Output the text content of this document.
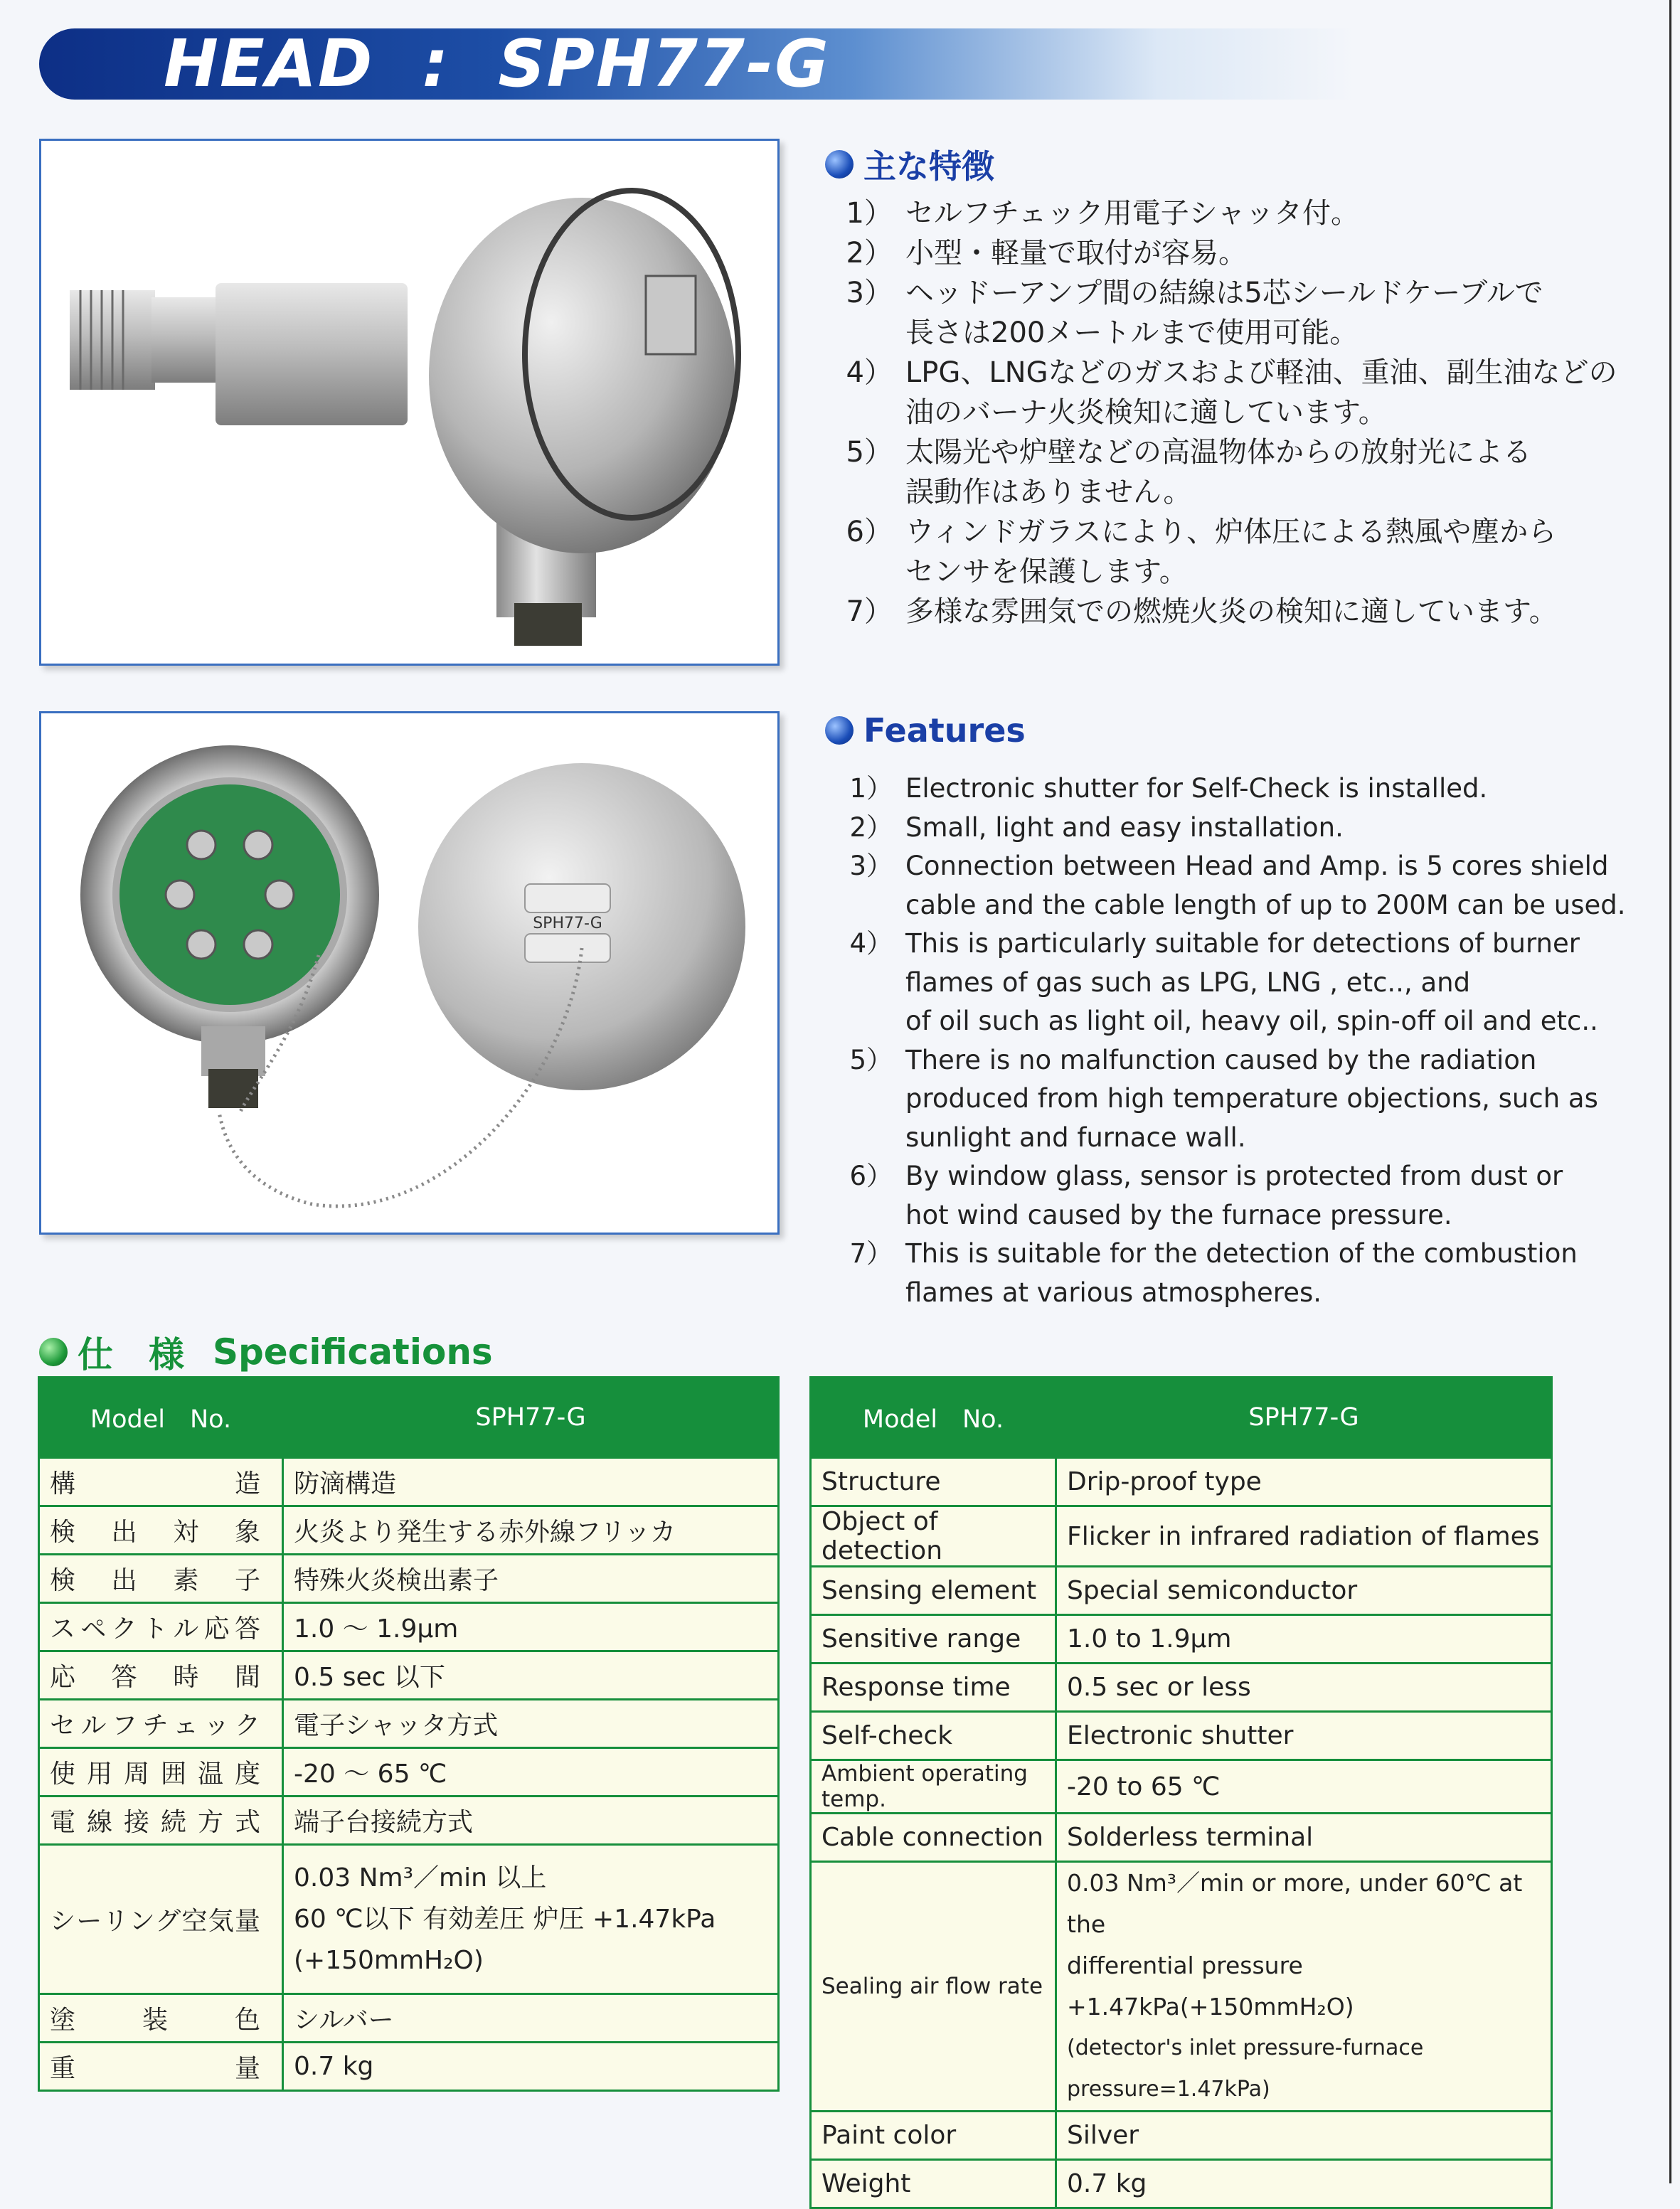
HEAD  :  SPH77-G
SPH77-G
主な特徴
1） セルフチェック用電子シャッタ付。
2） 小型・軽量で取付が容易。
3） ヘッドーアンプ間の結線は5芯シールドケーブルで
長さは200メートルまで使用可能。
4） LPG、LNGなどのガスおよび軽油、重油、副生油などの
油のバーナ火炎検知に適しています。
5） 太陽光や炉壁などの高温物体からの放射光による
誤動作はありません。
6） ウィンドガラスにより、炉体圧による熱風や塵から
センサを保護します。
7） 多様な雰囲気での燃焼火炎の検知に適しています。
Features
1） Electronic shutter for Self-Check is installed.
2） Small, light and easy installation.
3） Connection between Head and Amp. is 5 cores shield
cable and the cable length of up to 200M can be used.
4） This is particularly suitable for detections of burner
flames of gas such as LPG, LNG , etc.., and
of oil such as light oil, heavy oil, spin-off oil and etc..
5） There is no malfunction caused by the radiation
produced from high temperature objections, such as
sunlight and furnace wall.
6） By window glass, sensor is protected from dust or
hot wind caused by the furnace pressure.
7） This is suitable for the detection of the combustion
flames at various atmospheres.
仕　様 Specifications
Model　No.	SPH77-G
構造	防滴構造
検出対象	火炎より発生する赤外線フリッカ
検出素子	特殊火炎検出素子
スペクトル応答	1.0 ～ 1.9μm
応答時間	0.5 sec 以下
セルフチェック	電子シャッタ方式
使用周囲温度	-20 ～ 65 ℃
電線接続方式	端子台接続方式
シーリング空気量	0.03 Nm³／min 以上
60 ℃以下 有効差圧 炉圧 +1.47kPa
(+150mmH₂O)

塗装色	シルバー
重量	0.7 kg
Model　No.	SPH77-G
Structure	Drip-proof type
Object of detection	Flicker in infrared radiation of flames
Sensing element	Special semiconductor
Sensitive range	1.0 to 1.9μm
Response time	0.5 sec or less
Self-check	Electronic shutter
Ambient operating temp.	-20 to 65 ℃
Cable connection	Solderless terminal
Sealing air flow rate	0.03 Nm³／min or more, under 60℃ at the
differential pressure +1.47kPa(+150mmH₂O)
(detector's inlet pressure-furnace pressure=1.47kPa)

Paint color	Silver
Weight	0.7 kg
